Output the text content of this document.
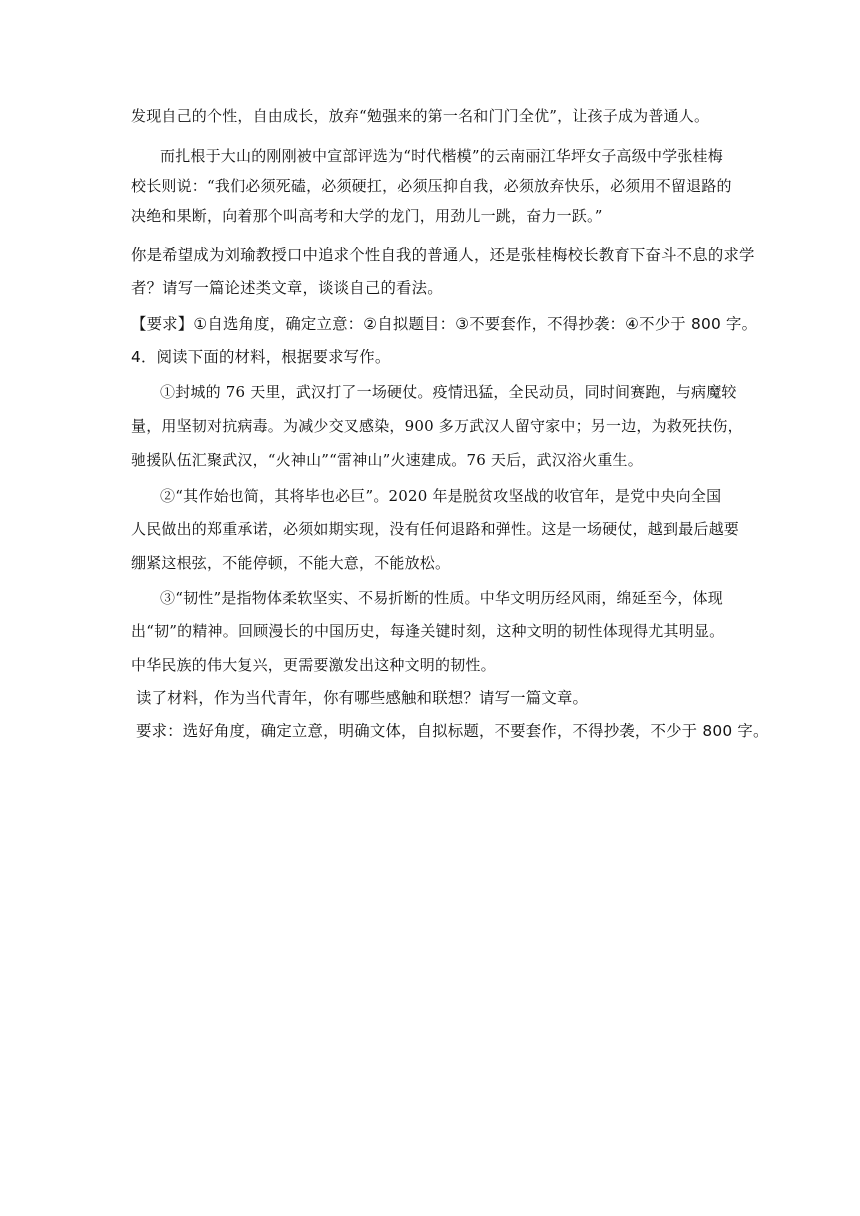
发现自己的个性，自由成长，放弃“勉强来的第一名和门门全优”，让孩子成为普通人。
而扎根于大山的刚刚被中宣部评选为“时代楷模”的云南丽江华坪女子高级中学张桂梅
校长则说：“我们必须死磕，必须硬扛，必须压抑自我，必须放弃快乐，必须用不留退路的
决绝和果断，向着那个叫高考和大学的龙门，用劲儿一跳，奋力一跃。”
你是希望成为刘瑜教授口中追求个性自我的普通人，还是张桂梅校长教育下奋斗不息的求学
者？请写一篇论述类文章，谈谈自己的看法。
【要求】①自选角度，确定立意：②自拟题目：③不要套作，不得抄袭：④不少于 800 字。
4．阅读下面的材料，根据要求写作。
①封城的 76 天里，武汉打了一场硬仗。疫情迅猛，全民动员，同时间赛跑，与病魔较
量，用坚韧对抗病毒。为减少交叉感染，900 多万武汉人留守家中；另一边，为救死扶伤，
驰援队伍汇聚武汉，“火神山”“雷神山”火速建成。76 天后，武汉浴火重生。
②“其作始也简，其将毕也必巨”。2020 年是脱贫攻坚战的收官年，是党中央向全国
人民做出的郑重承诺，必须如期实现，没有任何退路和弹性。这是一场硬仗，越到最后越要
绷紧这根弦，不能停顿，不能大意，不能放松。
③“韧性”是指物体柔软坚实、不易折断的性质。中华文明历经风雨，绵延至今，体现
出“韧”的精神。回顾漫长的中国历史，每逢关键时刻，这种文明的韧性体现得尤其明显。
中华民族的伟大复兴，更需要激发出这种文明的韧性。
读了材料，作为当代青年，你有哪些感触和联想？请写一篇文章。
要求：选好角度，确定立意，明确文体，自拟标题，不要套作，不得抄袭，不少于 800 字。
